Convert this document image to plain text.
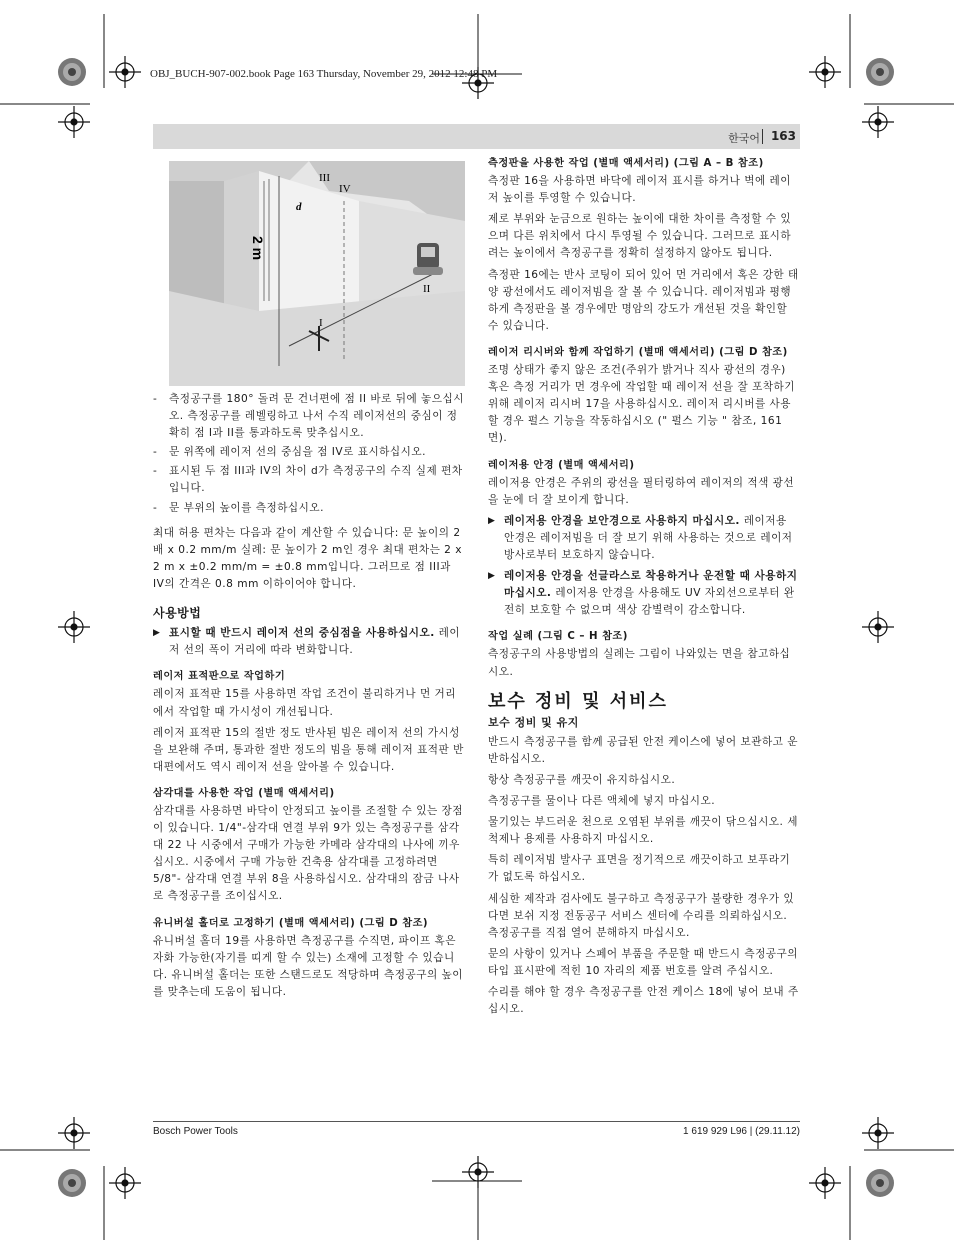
OBJ_BUCH-907-002.book Page 163 Thursday, November 29, 2012 12:48 PM
한국어 163
III
IV
d
II
I
2 m
- 측정공구를 180° 돌려 문 건너편에 점 II 바로 뒤에 놓으십시오. 측정공구를 레벨링하고 나서 수직 레이저선의 중심이 정확히 점 I과 II를 통과하도록 맞추십시오.
- 문 위쪽에 레이저 선의 중심을 점 IV로 표시하십시오.
- 표시된 두 점 III과 IV의 차이 d가 측정공구의 수직 실제 편차입니다.
- 문 부위의 높이를 측정하십시오.

최대 허용 편차는 다음과 같이 계산할 수 있습니다: 문 높이의 2배 x 0.2 mm/m 실례: 문 높이가 2 m인 경우 최대 편차는 2 x 2 m x ±0.2 mm/m = ±0.8 mm입니다. 그러므로 점 III과 IV의 간격은 0.8 mm 이하이어야 합니다.

사용방법
▶ 표시할 때 반드시 레이저 선의 중심점을 사용하십시오. 레이저 선의 폭이 거리에 따라 변화합니다.
레이저 표적판으로 작업하기

레이저 표적판 15를 사용하면 작업 조건이 불리하거나 먼 거리에서 작업할 때 가시성이 개선됩니다.

레이저 표적판 15의 절반 정도 반사된 빔은 레이저 선의 가시성을 보완해 주며, 통과한 절반 정도의 빔을 통해 레이저 표적판 반대편에서도 역시 레이저 선을 알아볼 수 있습니다.

삼각대를 사용한 작업 (별매 액세서리)

삼각대를 사용하면 바닥이 안정되고 높이를 조절할 수 있는 장점이 있습니다. 1/4"-삼각대 연결 부위 9가 있는 측정공구를 삼각대 22 나 시중에서 구매가 가능한 카메라 삼각대의 나사에 끼우십시오. 시중에서 구매 가능한 건축용 삼각대를 고정하려면 5/8"- 삼각대 연결 부위 8을 사용하십시오. 삼각대의 잠금 나사로 측정공구를 조이십시오.

유니버설 홀더로 고정하기 (별매 액세서리) (그림 D 참조)

유니버설 홀더 19를 사용하면 측정공구를 수직면, 파이프 혹은 자화 가능한(자기를 띠게 할 수 있는) 소재에 고정할 수 있습니다. 유니버설 홀더는 또한 스탠드로도 적당하며 측정공구의 높이를 맞추는데 도움이 됩니다.

측정판을 사용한 작업 (별매 액세서리) (그림 A – B 참조)

측정판 16을 사용하면 바닥에 레이저 표시를 하거나 벽에 레이저 높이를 투영할 수 있습니다.

제로 부위와 눈금으로 원하는 높이에 대한 차이를 측정할 수 있으며 다른 위치에서 다시 투영될 수 있습니다. 그러므로 표시하려는 높이에서 측정공구를 정확히 설정하지 않아도 됩니다.

측정판 16에는 반사 코팅이 되어 있어 먼 거리에서 혹은 강한 태양 광선에서도 레이저빔을 잘 볼 수 있습니다. 레이저빔과 평행하게 측정판을 볼 경우에만 명암의 강도가 개선된 것을 확인할 수 있습니다.

레이저 리시버와 함께 작업하기 (별매 액세서리) (그림 D 참조)

조명 상태가 좋지 않은 조건(주위가 밝거나 직사 광선의 경우) 혹은 측정 거리가 먼 경우에 작업할 때 레이저 선을 잘 포착하기 위해 레이저 리시버 17을 사용하십시오. 레이저 리시버를 사용할 경우 펄스 기능을 작동하십시오 (" 펄스 기능 " 참조, 161 면).

레이저용 안경 (별매 액세서리)

레이저용 안경은 주위의 광선을 필터링하여 레이저의 적색 광선을 눈에 더 잘 보이게 합니다.

▶ 레이저용 안경을 보안경으로 사용하지 마십시오. 레이저용 안경은 레이저빔을 더 잘 보기 위해 사용하는 것으로 레이저 방사로부터 보호하지 않습니다.
▶ 레이저용 안경을 선글라스로 착용하거나 운전할 때 사용하지 마십시오. 레이저용 안경을 사용해도 UV 자외선으로부터 완전히 보호할 수 없으며 색상 감별력이 감소합니다.
작업 실례 (그림 C – H 참조)

측정공구의 사용방법의 실례는 그림이 나와있는 면을 참고하십시오.

보수 정비 및 서비스
보수 정비 및 유지

반드시 측정공구를 함께 공급된 안전 케이스에 넣어 보관하고 운반하십시오.

항상 측정공구를 깨끗이 유지하십시오.

측정공구를 물이나 다른 액체에 넣지 마십시오.

물기있는 부드러운 천으로 오염된 부위를 깨끗이 닦으십시오. 세척제나 용제를 사용하지 마십시오.

특히 레이저빔 발사구 표면을 정기적으로 깨끗이하고 보푸라기가 없도록 하십시오.

세심한 제작과 검사에도 불구하고 측정공구가 불량한 경우가 있다면 보쉬 지정 전동공구 서비스 센터에 수리를 의뢰하십시오. 측정공구를 직접 열어 분해하지 마십시오.

문의 사항이 있거나 스페어 부품을 주문할 때 반드시 측정공구의 타입 표시판에 적힌 10 자리의 제품 번호를 알려 주십시오.

수리를 해야 할 경우 측정공구를 안전 케이스 18에 넣어 보내 주십시오.

Bosch Power Tools	1 619 929 L96 | (29.11.12)
